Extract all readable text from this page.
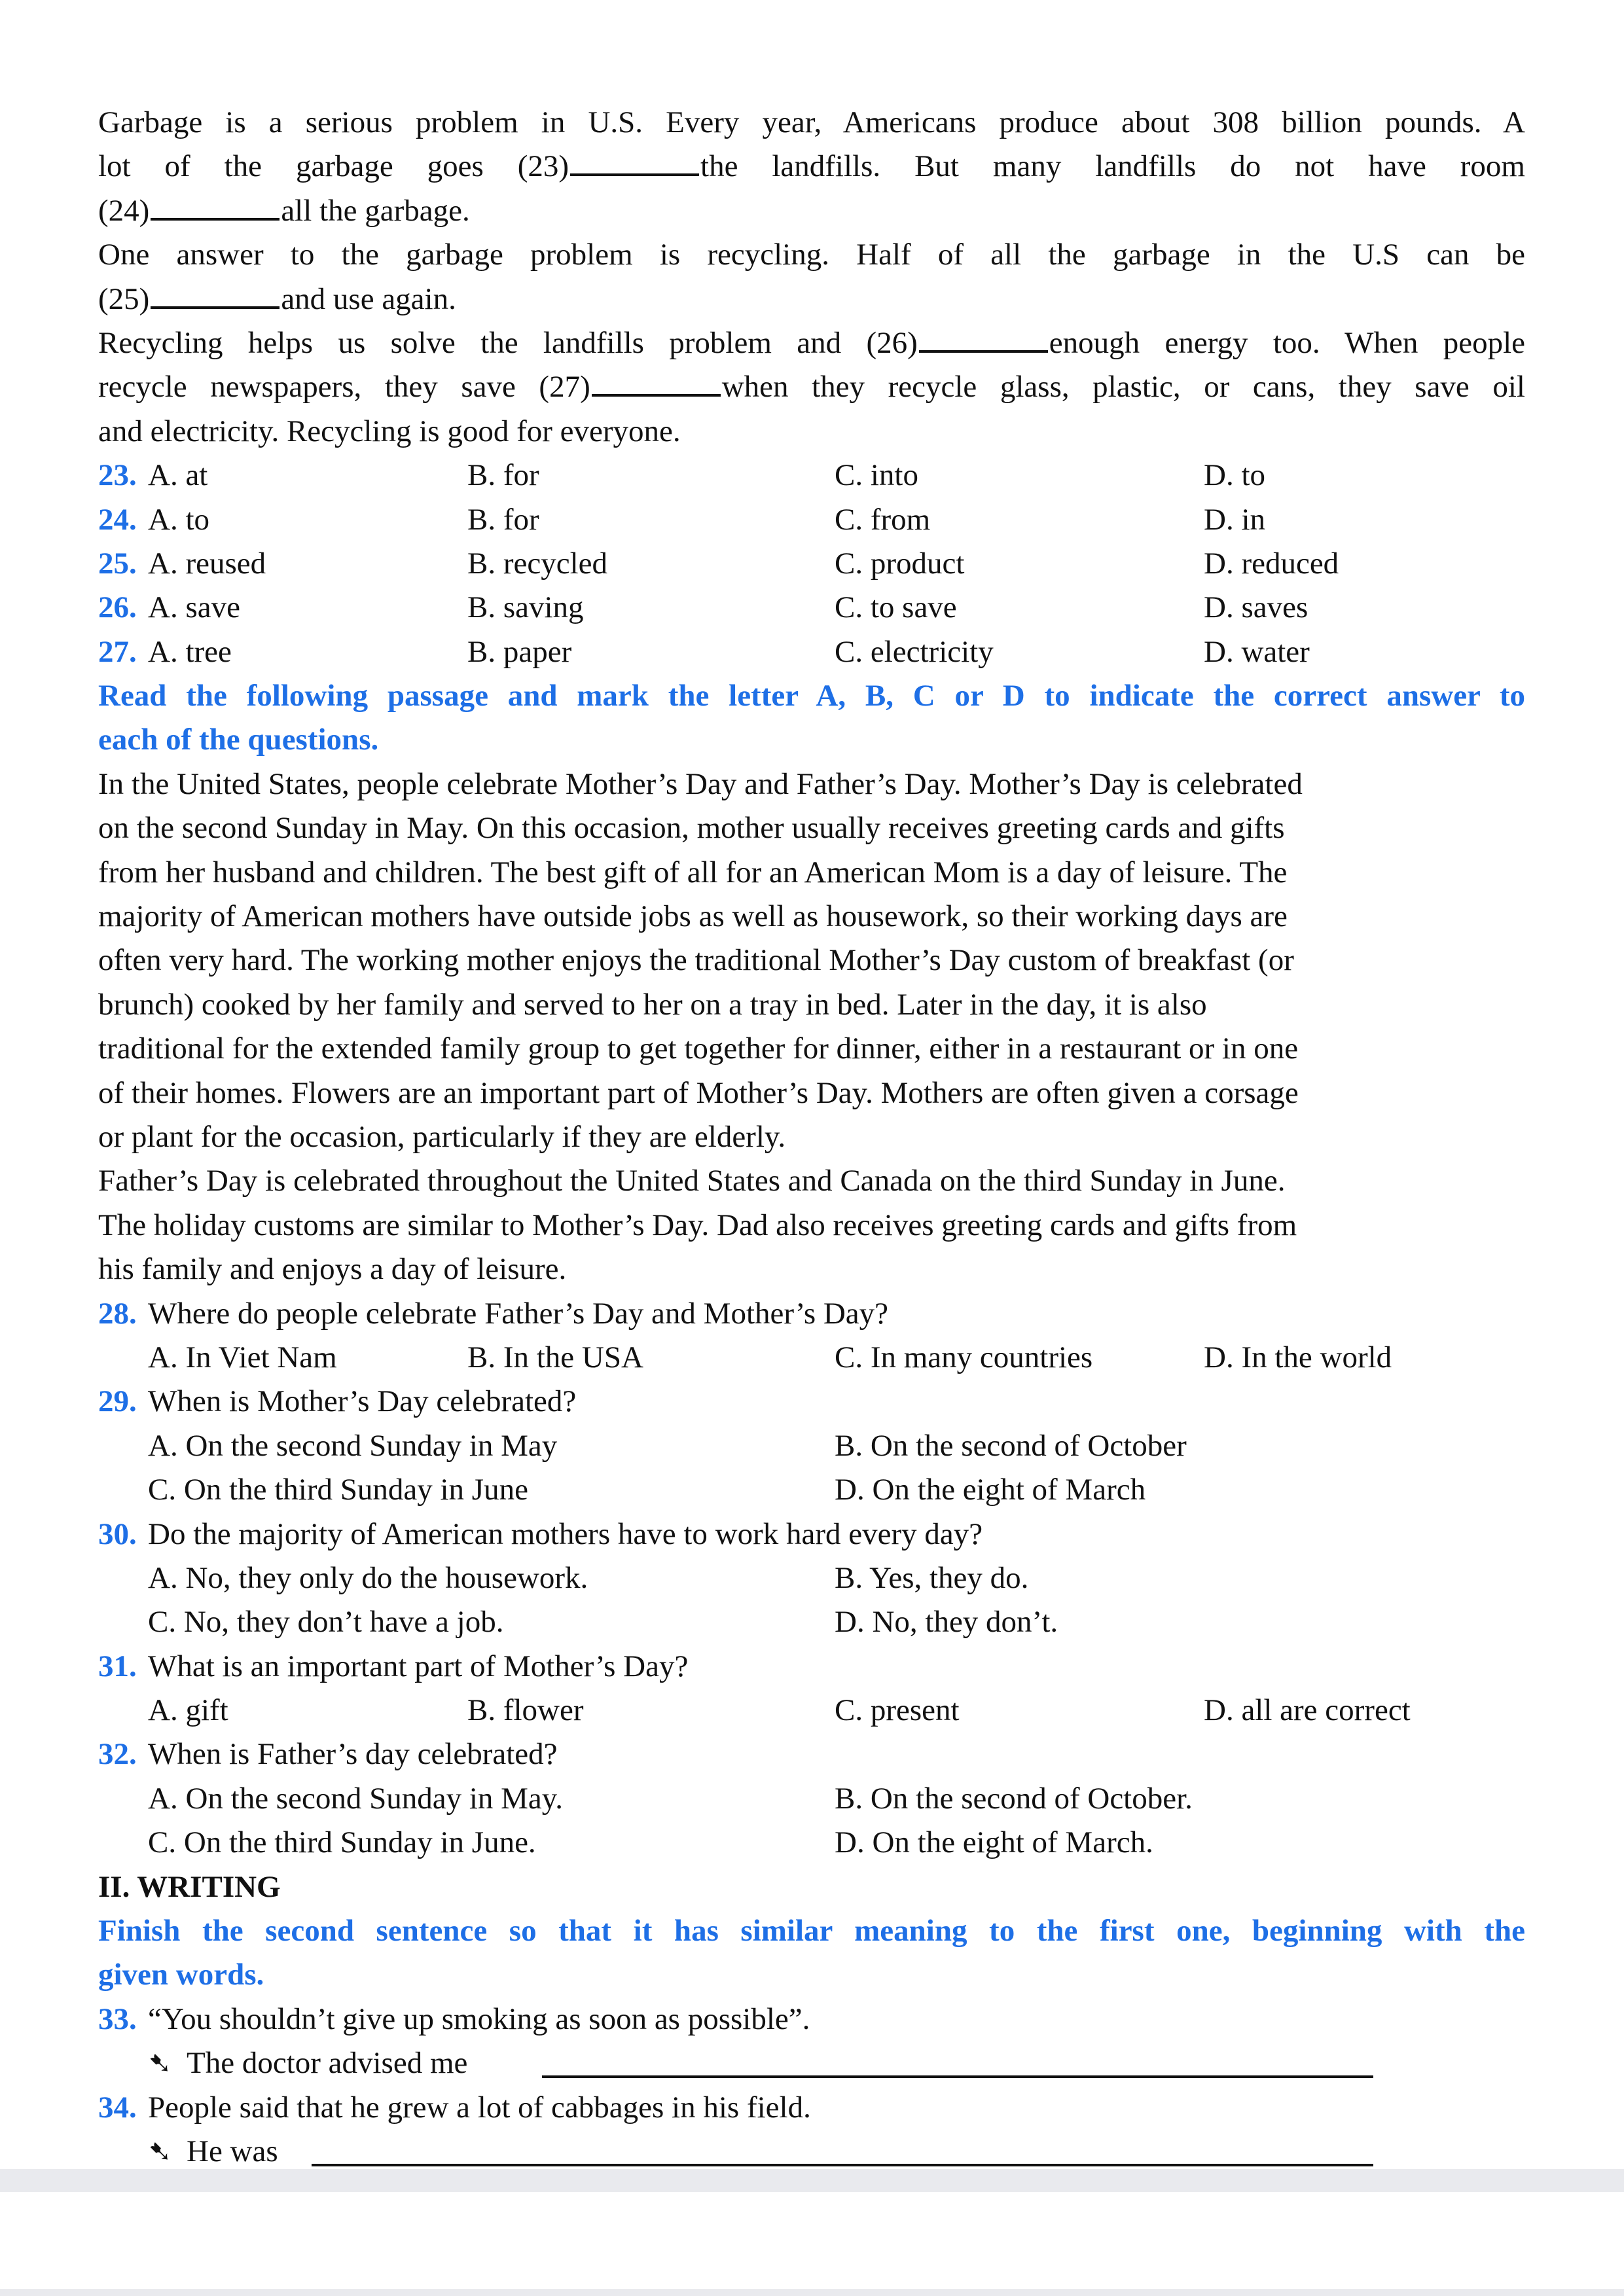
Garbage is a serious problem in U.S. Every year, Americans produce about 308 billion pounds. A
lot of the garbage goes (23)	the landfills. But many landfills do not have room
(24)	all the garbage.
One answer to the garbage problem is recycling. Half of all the garbage in the U.S can be
(25)	and use again.
Recycling helps us solve the landfills problem and (26)	enough energy too. When people
recycle newspapers, they save (27)	when they recycle glass, plastic, or cans, they save oil
and electricity. Recycling is good for everyone.
23. A. at	B. for	C. into	D. to
24. A. to	B. for	C. from	D. in
25. A. reused	B. recycled	C. product	D. reduced
26. A. save	B. saving	C. to save	D. saves
27. A. tree	B. paper	C. electricity	D. water
Read the following passage and mark the letter A, B, C or D to indicate the correct answer to
each of the questions.
In the United States, people celebrate Mother’s Day and Father’s Day. Mother’s Day is celebrated
on the second Sunday in May. On this occasion, mother usually receives greeting cards and gifts
from her husband and children. The best gift of all for an American Mom is a day of leisure. The
majority of American mothers have outside jobs as well as housework, so their working days are
often very hard. The working mother enjoys the traditional Mother’s Day custom of breakfast (or
brunch) cooked by her family and served to her on a tray in bed. Later in the day, it is also
traditional for the extended family group to get together for dinner, either in a restaurant or in one
of their homes. Flowers are an important part of Mother’s Day. Mothers are often given a corsage
or plant for the occasion, particularly if they are elderly.
Father’s Day is celebrated throughout the United States and Canada on the third Sunday in June.
The holiday customs are similar to Mother’s Day. Dad also receives greeting cards and gifts from
his family and enjoys a day of leisure.
28. Where do people celebrate Father’s Day and Mother’s Day?
A. In Viet Nam	B. In the USA	C. In many countries	D. In the world
29. When is Mother’s Day celebrated?
A. On the second Sunday in May	B. On the second of October
C. On the third Sunday in June	D. On the eight of March
30. Do the majority of American mothers have to work hard every day?
A. No, they only do the housework.	B. Yes, they do.
C. No, they don’t have a job.	D. No, they don’t.
31. What is an important part of Mother’s Day?
A. gift	B. flower	C. present	D. all are correct
32. When is Father’s day celebrated?
A. On the second Sunday in May.	B. On the second of October.
C. On the third Sunday in June.	D. On the eight of March.
II. WRITING
Finish the second sentence so that it has similar meaning to the first one, beginning with the
given words.
33. “You shouldn’t give up smoking as soon as possible”.
➷ The doctor advised me
34. People said that he grew a lot of cabbages in his field.
➷ He was
